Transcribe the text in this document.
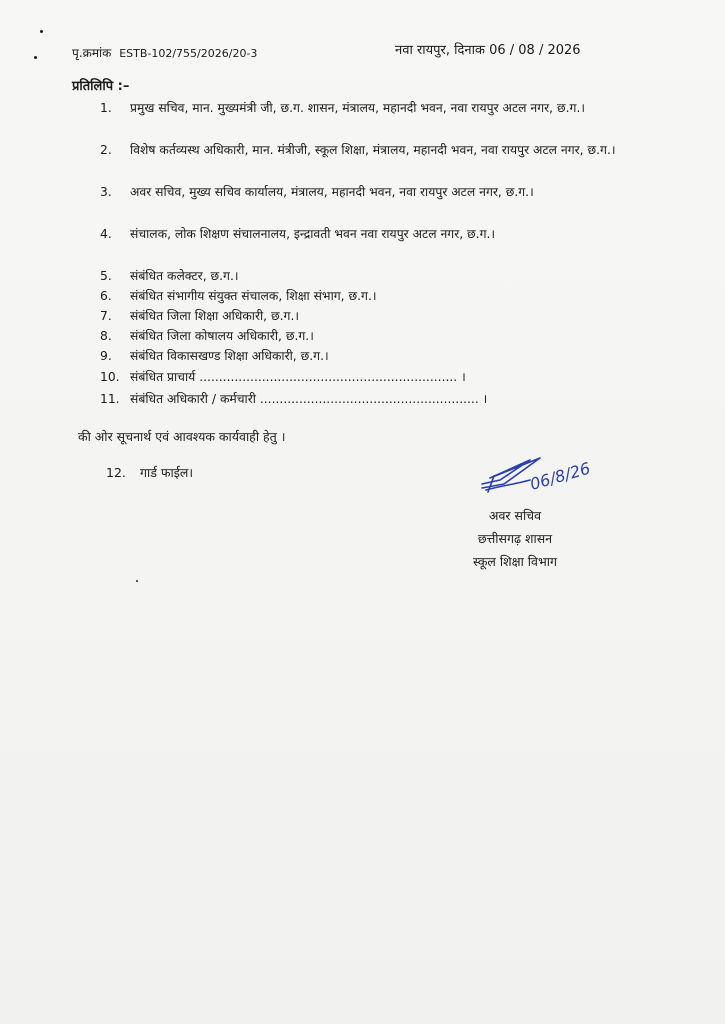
पृ.क्रमांक ESTB-102/755/2026/20-3	नवा रायपुर, दिनाक 06 / 08 / 2026
प्रतिलिपि :–
1.	प्रमुख सचिव, मान. मुख्यमंत्री जी, छ.ग. शासन, मंत्रालय, महानदी भवन, नवा रायपुर अटल नगर, छ.ग.।
2.	विशेष कर्तव्यस्थ अधिकारी, मान. मंत्रीजी, स्कूल शिक्षा, मंत्रालय, महानदी भवन, नवा रायपुर अटल नगर, छ.ग.।
3.	अवर सचिव, मुख्य सचिव कार्यालय, मंत्रालय, महानदी भवन, नवा रायपुर अटल नगर, छ.ग.।
4.	संचालक, लोक शिक्षण संचालनालय, इन्द्रावती भवन नवा रायपुर अटल नगर, छ.ग.।
5.	संबंधित कलेक्टर, छ.ग.।
6.	संबंधित संभागीय संयुक्त संचालक, शिक्षा संभाग, छ.ग.।
7.	संबंधित जिला शिक्षा अधिकारी, छ.ग.।
8.	संबंधित जिला कोषालय अधिकारी, छ.ग.।
9.	संबंधित विकासखण्ड शिक्षा अधिकारी, छ.ग.।
10. संबंधित प्राचार्य .................................................................. ।
11. संबंधित अधिकारी / कर्मचारी ........................................................ ।
की ओर सूचनार्थ एवं आवश्यक कार्यवाही हेतु ।
12. गार्ड फाईल।	06/8/26
अवर सचिव
छत्तीसगढ़ शासन
स्कूल शिक्षा विभाग
